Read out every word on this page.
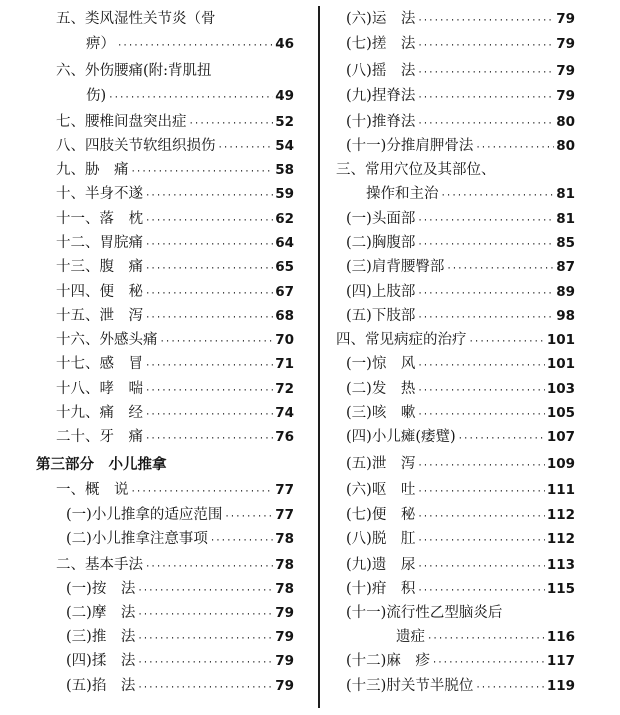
五、类风湿性关节炎（骨
痹） ·····	46
六、外伤腰痛(附:背肌扭
伤) ·····	49
七、腰椎间盘突出症 ·····	52
八、四肢关节软组织损伤 ·····	54
九、胁　痛 ·····	58
十、半身不遂 ·····	59
十一、落　枕 ·····	62
十二、胃脘痛 ·····	64
十三、腹　痛 ·····	65
十四、便　秘 ·····	67
十五、泄　泻 ·····	68
十六、外感头痛 ·····	70
十七、感　冒 ·····	71
十八、哮　喘 ·····	72
十九、痛　经 ·····	74
二十、牙　痛 ·····	76
第三部分　小儿推拿
一、概　说 ·····	77
(一)小儿推拿的适应范围 ·····	77
(二)小儿推拿注意事项 ·····	78
二、基本手法 ·····	78
(一)按　法 ·····	78
(二)摩　法 ·····	79
(三)推　法 ·····	79
(四)揉　法 ·····	79
(五)掐　法 ·····	79
(六)运　法 ·····	79
(七)搓　法 ·····	79
(八)摇　法 ·····	79
(九)捏脊法 ·····	79
(十)推脊法 ·····	80
(十一)分推肩胛骨法 ·····	80
三、常用穴位及其部位、
操作和主治 ·····	81
(一)头面部 ·····	81
(二)胸腹部 ·····	85
(三)肩背腰臀部 ·····	87
(四)上肢部 ·····	89
(五)下肢部 ·····	98
四、常见病症的治疗 ·····	101
(一)惊　风 ·····	101
(二)发　热 ·····	103
(三)咳　嗽 ·····	105
(四)小儿瘫(痿躄) ·····	107
(五)泄　泻 ·····	109
(六)呕　吐 ·····	111
(七)便　秘 ·····	112
(八)脱　肛 ·····	112
(九)遗　尿 ·····	113
(十)疳　积 ·····	115
(十一)流行性乙型脑炎后
遗症 ·····	116
(十二)麻　疹 ·····	117
(十三)肘关节半脱位 ·····	119
